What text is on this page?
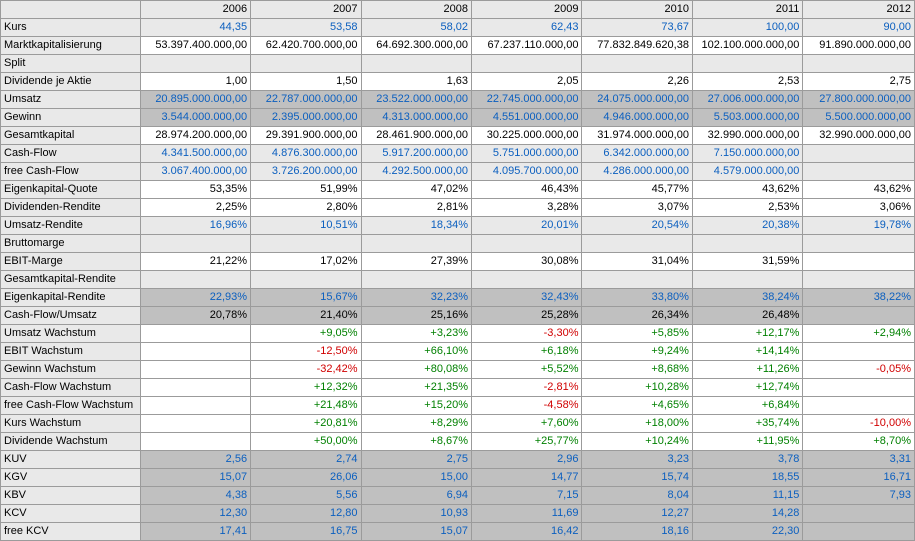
	2006	2007	2008	2009	2010	2011	2012
Kurs	44,35	53,58	58,02	62,43	73,67	100,00	90,00
Marktkapitalisierung	53.397.400.000,00	62.420.700.000,00	64.692.300.000,00	67.237.110.000,00	77.832.849.620,38	102.100.000.000,00	91.890.000.000,00
Split							
Dividende je Aktie	1,00	1,50	1,63	2,05	2,26	2,53	2,75
Umsatz	20.895.000.000,00	22.787.000.000,00	23.522.000.000,00	22.745.000.000,00	24.075.000.000,00	27.006.000.000,00	27.800.000.000,00
Gewinn	3.544.000.000,00	2.395.000.000,00	4.313.000.000,00	4.551.000.000,00	4.946.000.000,00	5.503.000.000,00	5.500.000.000,00
Gesamtkapital	28.974.200.000,00	29.391.900.000,00	28.461.900.000,00	30.225.000.000,00	31.974.000.000,00	32.990.000.000,00	32.990.000.000,00
Cash-Flow	4.341.500.000,00	4.876.300.000,00	5.917.200.000,00	5.751.000.000,00	6.342.000.000,00	7.150.000.000,00	
free Cash-Flow	3.067.400.000,00	3.726.200.000,00	4.292.500.000,00	4.095.700.000,00	4.286.000.000,00	4.579.000.000,00	
Eigenkapital-Quote	53,35%	51,99%	47,02%	46,43%	45,77%	43,62%	43,62%
Dividenden-Rendite	2,25%	2,80%	2,81%	3,28%	3,07%	2,53%	3,06%
Umsatz-Rendite	16,96%	10,51%	18,34%	20,01%	20,54%	20,38%	19,78%
Bruttomarge							
EBIT-Marge	21,22%	17,02%	27,39%	30,08%	31,04%	31,59%	
Gesamtkapital-Rendite							
Eigenkapital-Rendite	22,93%	15,67%	32,23%	32,43%	33,80%	38,24%	38,22%
Cash-Flow/Umsatz	20,78%	21,40%	25,16%	25,28%	26,34%	26,48%	
Umsatz Wachstum		+9,05%	+3,23%	-3,30%	+5,85%	+12,17%	+2,94%
EBIT Wachstum		-12,50%	+66,10%	+6,18%	+9,24%	+14,14%	
Gewinn Wachstum		-32,42%	+80,08%	+5,52%	+8,68%	+11,26%	-0,05%
Cash-Flow Wachstum		+12,32%	+21,35%	-2,81%	+10,28%	+12,74%	
free Cash-Flow Wachstum		+21,48%	+15,20%	-4,58%	+4,65%	+6,84%	
Kurs Wachstum		+20,81%	+8,29%	+7,60%	+18,00%	+35,74%	-10,00%
Dividende Wachstum		+50,00%	+8,67%	+25,77%	+10,24%	+11,95%	+8,70%
KUV	2,56	2,74	2,75	2,96	3,23	3,78	3,31
KGV	15,07	26,06	15,00	14,77	15,74	18,55	16,71
KBV	4,38	5,56	6,94	7,15	8,04	11,15	7,93
KCV	12,30	12,80	10,93	11,69	12,27	14,28	
free KCV	17,41	16,75	15,07	16,42	18,16	22,30	
